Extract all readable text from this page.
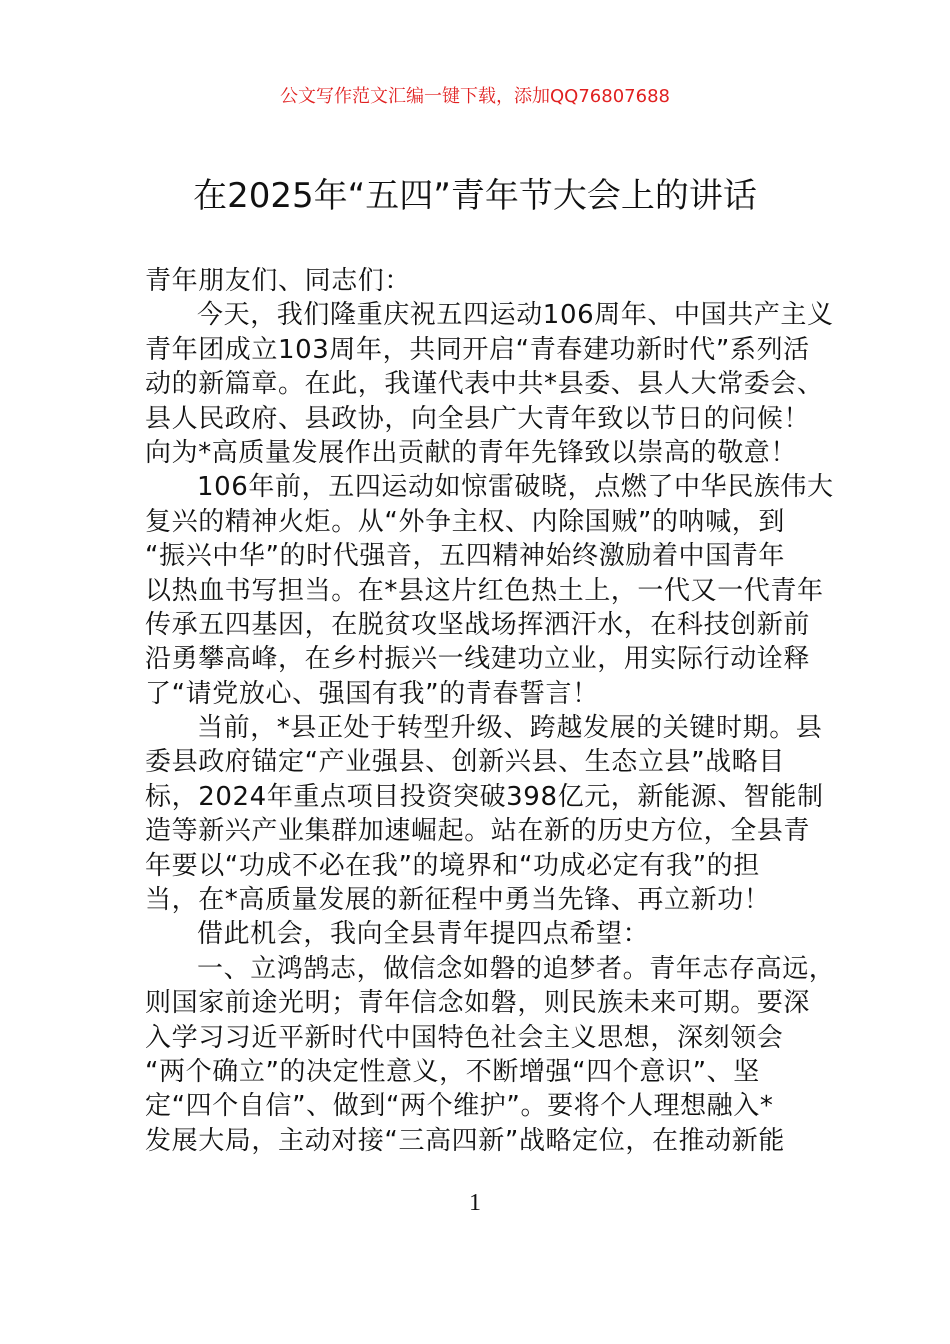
公文写作范文汇编一键下载，添加QQ76807688
在2025年“五四”青年节大会上的讲话
青年朋友们、同志们：
今天，我们隆重庆祝五四运动106周年、中国共产主义
青年团成立103周年，共同开启“青春建功新时代”系列活
动的新篇章。在此，我谨代表中共*县委、县人大常委会、
县人民政府、县政协，向全县广大青年致以节日的问候！
向为*高质量发展作出贡献的青年先锋致以崇高的敬意！
106年前，五四运动如惊雷破晓，点燃了中华民族伟大
复兴的精神火炬。从“外争主权、内除国贼”的呐喊，到
“振兴中华”的时代强音，五四精神始终激励着中国青年
以热血书写担当。在*县这片红色热土上，一代又一代青年
传承五四基因，在脱贫攻坚战场挥洒汗水，在科技创新前
沿勇攀高峰，在乡村振兴一线建功立业，用实际行动诠释
了“请党放心、强国有我”的青春誓言！
当前，*县正处于转型升级、跨越发展的关键时期。县
委县政府锚定“产业强县、创新兴县、生态立县”战略目
标，2024年重点项目投资突破398亿元，新能源、智能制
造等新兴产业集群加速崛起。站在新的历史方位，全县青
年要以“功成不必在我”的境界和“功成必定有我”的担
当，在*高质量发展的新征程中勇当先锋、再立新功！
借此机会，我向全县青年提四点希望：
一、立鸿鹄志，做信念如磐的追梦者。青年志存高远，
则国家前途光明；青年信念如磐，则民族未来可期。要深
入学习习近平新时代中国特色社会主义思想，深刻领会
“两个确立”的决定性意义，不断增强“四个意识”、坚
定“四个自信”、做到“两个维护”。要将个人理想融入*
发展大局，主动对接“三高四新”战略定位，在推动新能
1
